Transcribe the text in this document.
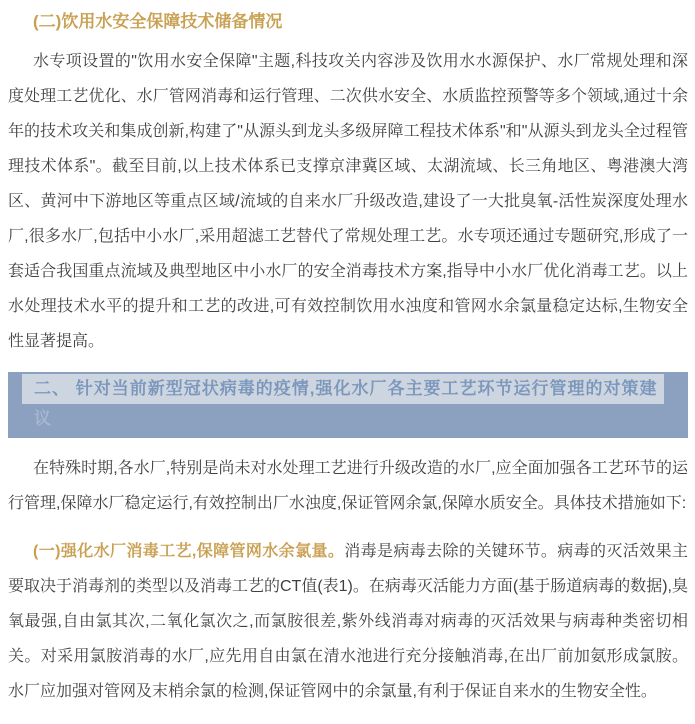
(二)饮用水安全保障技术储备情况

水专项设置的"饮用水安全保障"主题,科技攻关内容涉及饮用水水源保护、水厂常规处理和深度处理工艺优化、水厂管网消毒和运行管理、二次供水安全、水质监控预警等多个领域,通过十余年的技术攻关和集成创新,构建了"从源头到龙头多级屏障工程技术体系"和"从源头到龙头全过程管理技术体系"。截至目前,以上技术体系已支撑京津冀区域、太湖流域、长三角地区、粤港澳大湾区、黄河中下游地区等重点区域/流域的自来水厂升级改造,建设了一大批臭氧-活性炭深度处理水厂,很多水厂,包括中小水厂,采用超滤工艺替代了常规处理工艺。水专项还通过专题研究,形成了一套适合我国重点流域及典型地区中小水厂的安全消毒技术方案,指导中小水厂优化消毒工艺。以上水处理技术水平的提升和工艺的改进,可有效控制饮用水浊度和管网水余氯量稳定达标,生物安全性显著提高。

二、 针对当前新型冠状病毒的疫情,强化水厂各主要工艺环节运行管理的对策建
议

在特殊时期,各水厂,特别是尚未对水处理工艺进行升级改造的水厂,应全面加强各工艺环节的运行管理,保障水厂稳定运行,有效控制出厂水浊度,保证管网余氯,保障水质安全。具体技术措施如下:

(一)强化水厂消毒工艺,保障管网水余氯量。消毒是病毒去除的关键环节。病毒的灭活效果主要取决于消毒剂的类型以及消毒工艺的CT值(表1)。在病毒灭活能力方面(基于肠道病毒的数据),臭氧最强,自由氯其次,二氧化氯次之,而氯胺很差,紫外线消毒对病毒的灭活效果与病毒种类密切相关。对采用氯胺消毒的水厂,应先用自由氯在清水池进行充分接触消毒,在出厂前加氨形成氯胺。水厂应加强对管网及末梢余氯的检测,保证管网中的余氯量,有利于保证自来水的生物安全性。
